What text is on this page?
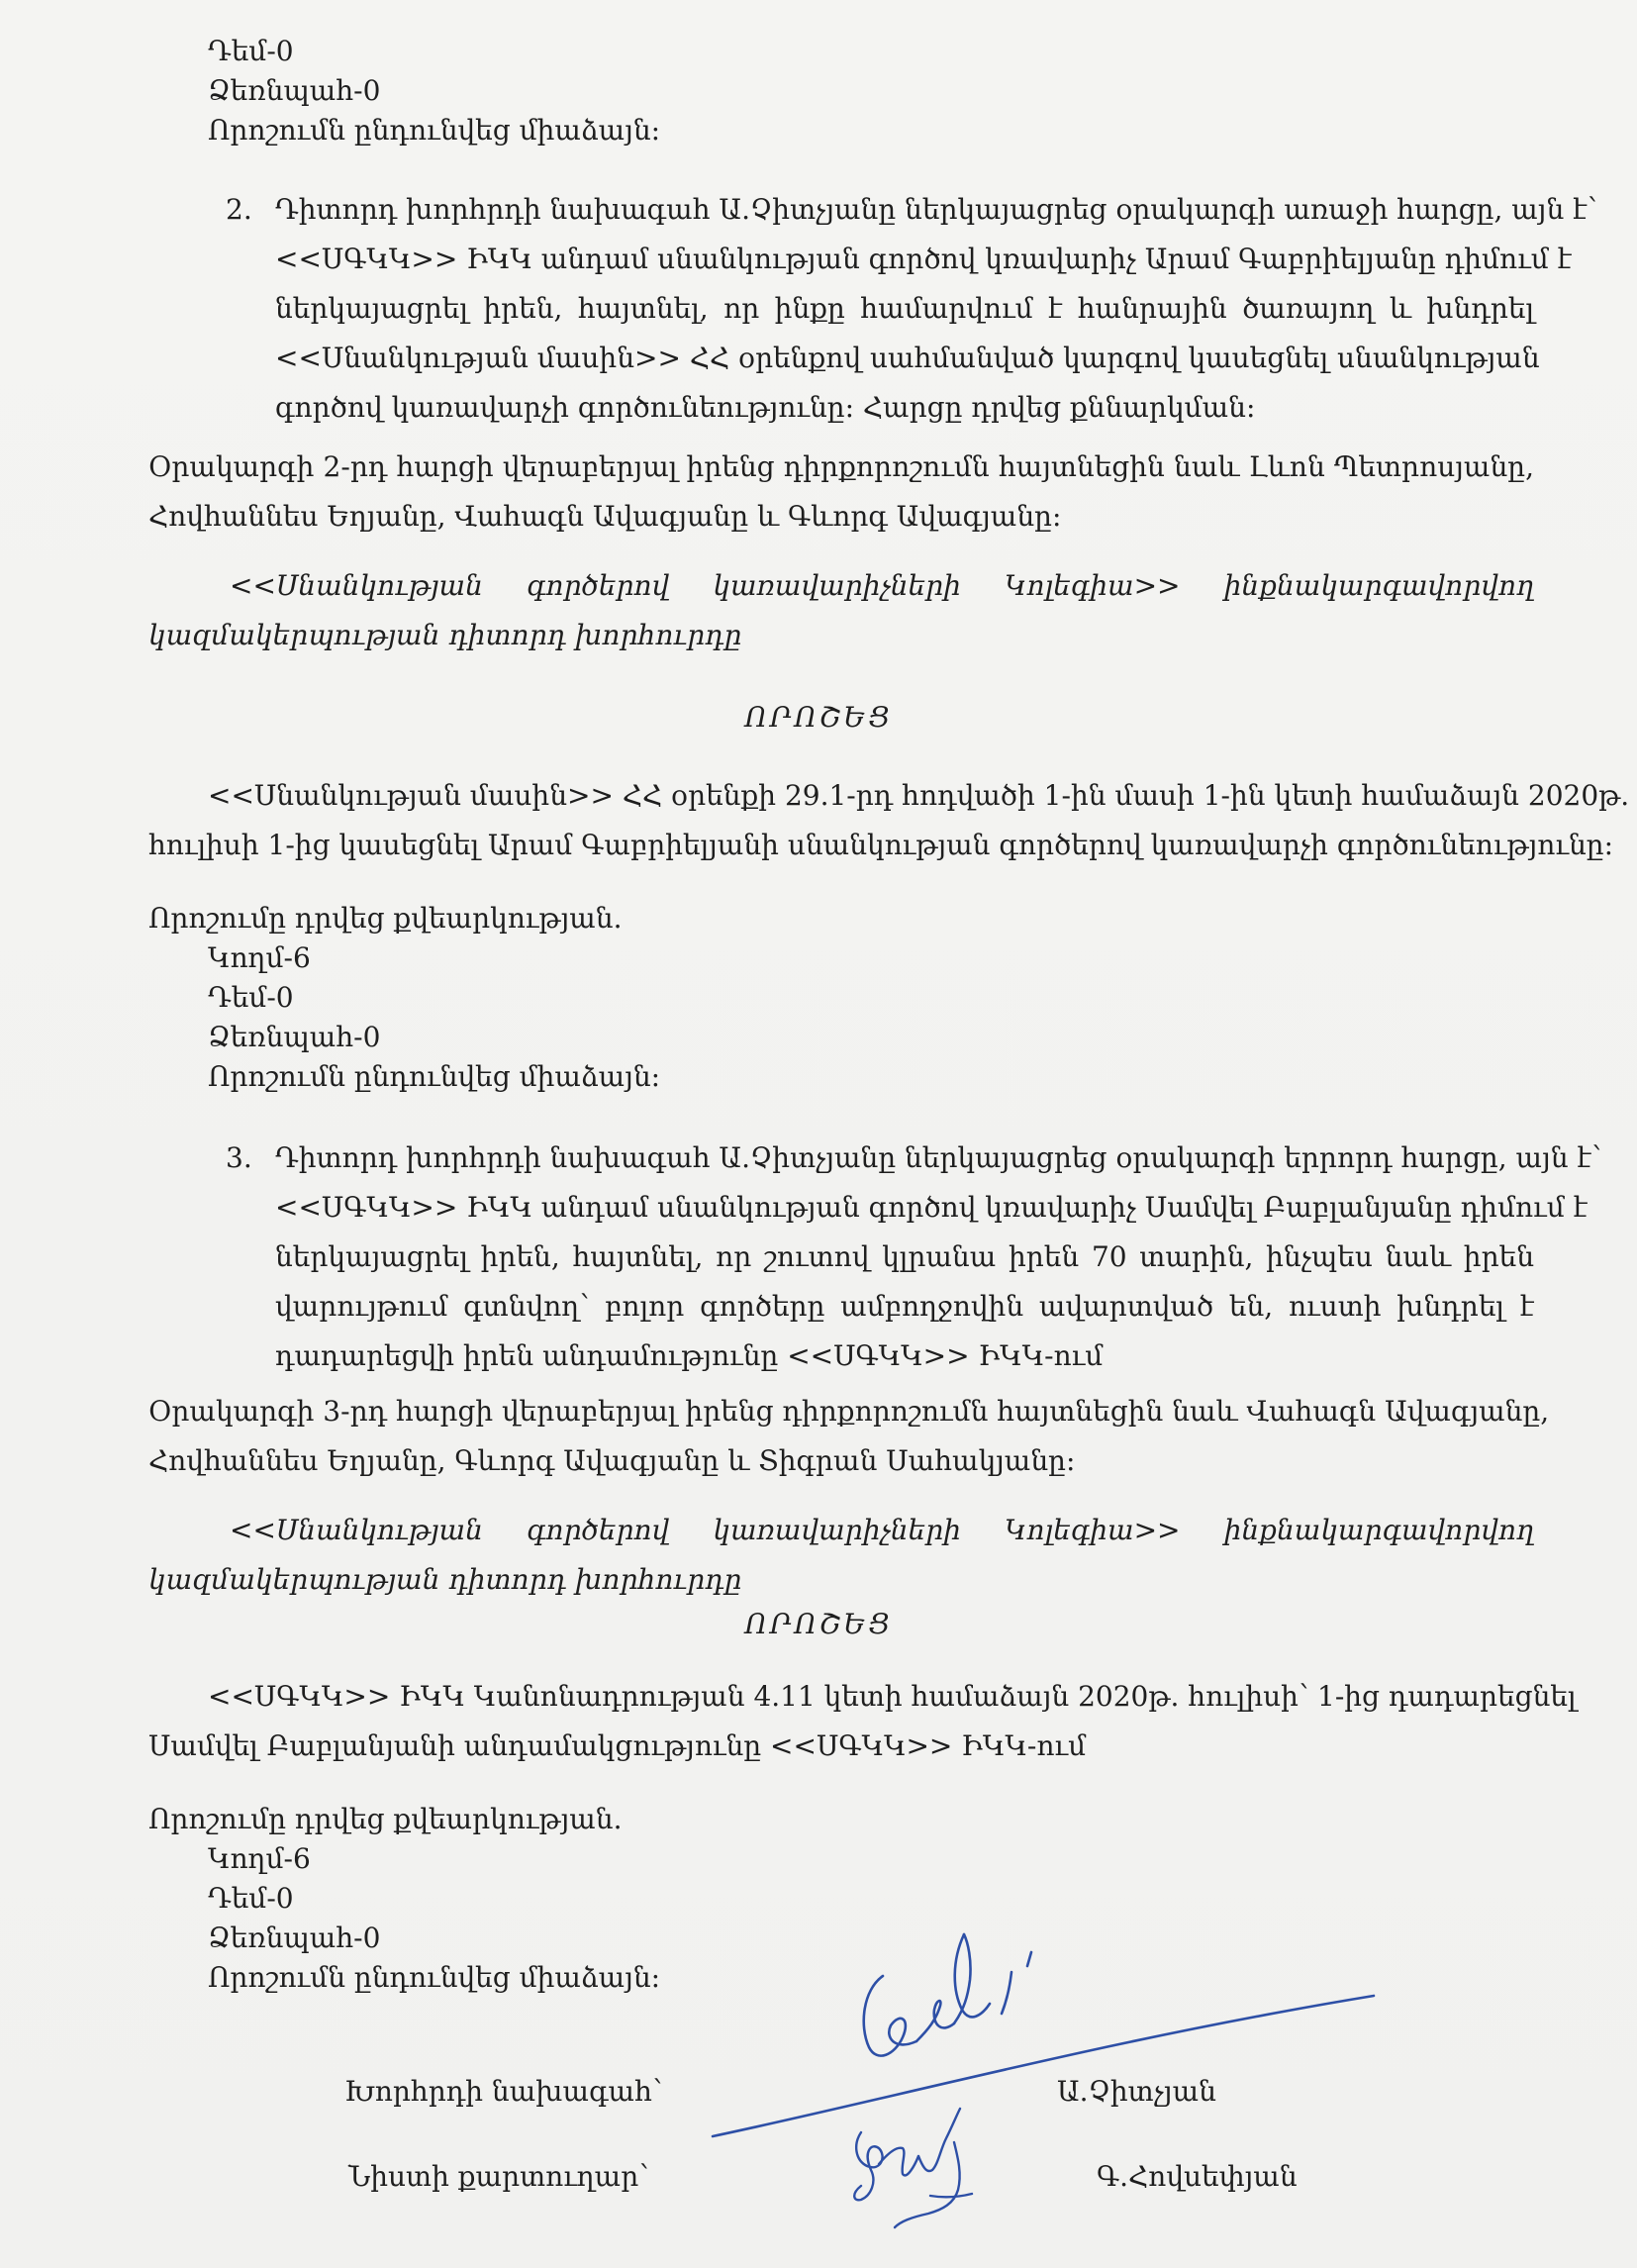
Դեմ-0
Ձեռնպահ-0
Որոշումն ընդունվեց միաձայն:
2. Դիտորդ խորհրդի նախագահ Ա.Չիտչյանը ներկայացրեց օրակարգի առաջի հարցը, այն է՝
<<ՍԳԿԿ>> ԻԿԿ անդամ սնանկության գործով կռավարիչ Արամ Գաբրիելյանը դիմում է
ներկայացրել իրեն, հայտնել, որ ինքը համարվում է հանրային ծառայող և խնդրել
<<Սնանկության մասին>> ՀՀ օրենքով սահմանված կարգով կասեցնել սնանկության
գործով կառավարչի գործունեությունը: Հարցը դրվեց քննարկման:
Օրակարգի 2-րդ հարցի վերաբերյալ իրենց դիրքորոշումն հայտնեցին նաև Լևոն Պետրոսյանը,
Հովհաննես Եղյանը, Վահագն Ավագյանը և Գևորգ Ավագյանը:
<<Սնանկության գործերով կառավարիչների Կոլեգիա>> ինքնակարգավորվող
կազմակերպության դիտորդ խորհուրդը
ՈՐՈՇԵՑ
<<Սնանկության մասին>> ՀՀ օրենքի 29.1-րդ հոդվածի 1-ին մասի 1-ին կետի համաձայն 2020թ.
հուլիսի 1-ից կասեցնել Արամ Գաբրիելյանի սնանկության գործերով կառավարչի գործունեությունը:
Որոշումը դրվեց քվեարկության.
Կողմ-6
Դեմ-0
Ձեռնպահ-0
Որոշումն ընդունվեց միաձայն:
3. Դիտորդ խորհրդի նախագահ Ա.Չիտչյանը ներկայացրեց օրակարգի երրորդ հարցը, այն է՝
<<ՍԳԿԿ>> ԻԿԿ անդամ սնանկության գործով կռավարիչ Սամվել Բաբլանյանը դիմում է
ներկայացրել իրեն, հայտնել, որ շուտով կլրանա իրեն 70 տարին, ինչպես նաև իրեն
վարույթում գտնվող՝ բոլոր գործերը ամբողջովին ավարտված են, ուստի խնդրել է
դադարեցվի իրեն անդամությունը <<ՍԳԿԿ>> ԻԿԿ-ում
Օրակարգի 3-րդ հարցի վերաբերյալ իրենց դիրքորոշումն հայտնեցին նաև Վահագն Ավագյանը,
Հովհաննես Եղյանը, Գևորգ Ավագյանը և Տիգրան Սահակյանը:
<<Սնանկության գործերով կառավարիչների Կոլեգիա>> ինքնակարգավորվող
կազմակերպության դիտորդ խորհուրդը
ՈՐՈՇԵՑ
<<ՍԳԿԿ>> ԻԿԿ Կանոնադրության 4.11 կետի համաձայն 2020թ. հուլիսի՝ 1-ից դադարեցնել
Սամվել Բաբլանյանի անդամակցությունը <<ՍԳԿԿ>> ԻԿԿ-ում
Որոշումը դրվեց քվեարկության.
Կողմ-6
Դեմ-0
Ձեռնպահ-0
Որոշումն ընդունվեց միաձայն:
Խորհրդի նախագահ՝	Ա.Չիտչյան
Նիստի քարտուղար՝	Գ.Հովսեփյան
